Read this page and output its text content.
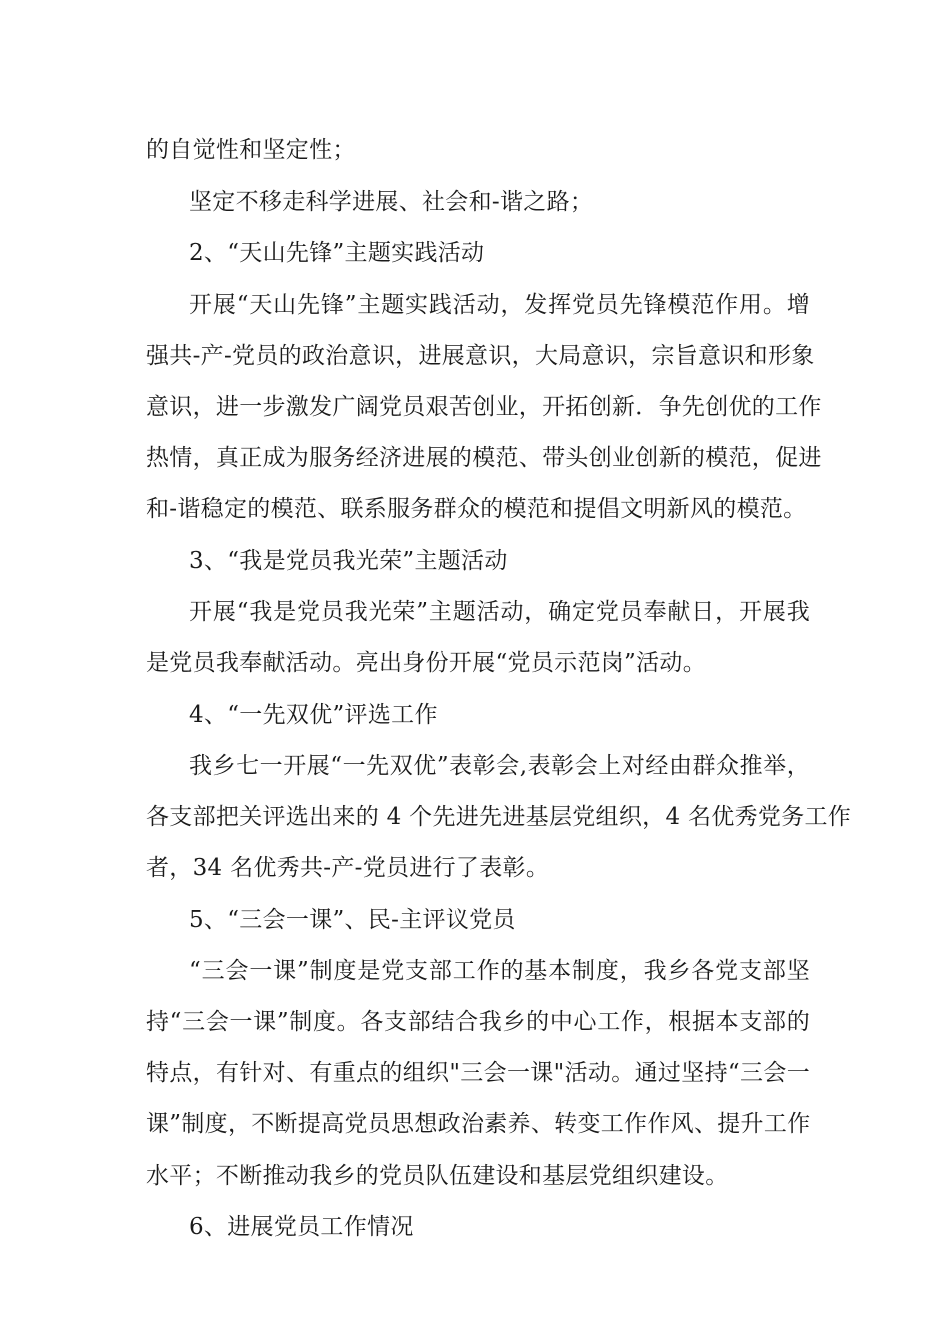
的自觉性和坚定性；
坚定不移走科学进展、社会和-谐之路；
2、“天山先锋”主题实践活动
开展“天山先锋”主题实践活动，发挥党员先锋模范作用。增
强共-产-党员的政治意识，进展意识，大局意识，宗旨意识和形象
意识，进一步激发广阔党员艰苦创业，开拓创新．争先创优的工作
热情，真正成为服务经济进展的模范、带头创业创新的模范，促进
和-谐稳定的模范、联系服务群众的模范和提倡文明新风的模范。
3、“我是党员我光荣”主题活动
开展“我是党员我光荣”主题活动，确定党员奉献日，开展我
是党员我奉献活动。亮出身份开展“党员示范岗”活动。
4、“一先双优”评选工作
我乡七一开展“一先双优”表彰会,表彰会上对经由群众推举，
各支部把关评选出来的 4 个先进先进基层党组织，4 名优秀党务工作
者，34 名优秀共-产-党员进行了表彰。
5、“三会一课”、民-主评议党员
“三会一课”制度是党支部工作的基本制度，我乡各党支部坚
持“三会一课”制度。各支部结合我乡的中心工作，根据本支部的
特点，有针对、有重点的组织"三会一课"活动。通过坚持“三会一
课”制度，不断提高党员思想政治素养、转变工作作风、提升工作
水平；不断推动我乡的党员队伍建设和基层党组织建设。
6、进展党员工作情况
